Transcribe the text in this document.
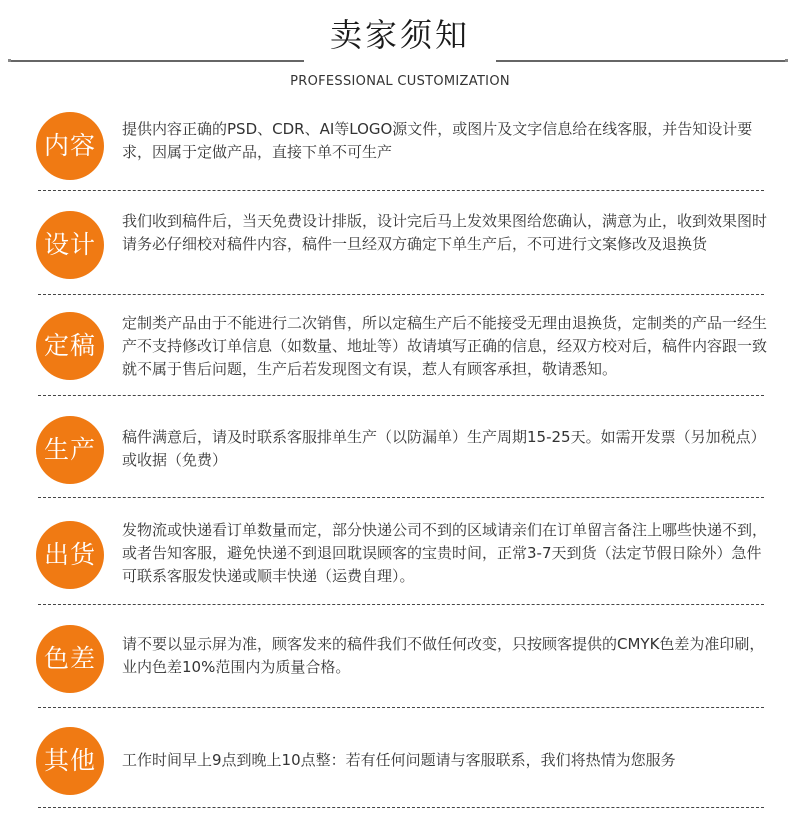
卖家须知
PROFESSIONAL CUSTOMIZATION
内容
提供内容正确的PSD、CDR、AI等LOGO源文件，或图片及文字信息给在线客服，并告知设计要求，因属于定做产品，直接下单不可生产
设计
我们收到稿件后，当天免费设计排版，设计完后马上发效果图给您确认，满意为止，收到效果图时请务必仔细校对稿件内容，稿件一旦经双方确定下单生产后，不可进行文案修改及退换货
定稿
定制类产品由于不能进行二次销售，所以定稿生产后不能接受无理由退换货，定制类的产品一经生产不支持修改订单信息（如数量、地址等）故请填写正确的信息，经双方校对后，稿件内容跟一致就不属于售后问题，生产后若发现图文有误，惹人有顾客承担，敬请悉知。
生产	稿件满意后，请及时联系客服排单生产（以防漏单）生产周期15-25天。如需开发票（另加税点）或收据（免费）
出货
发物流或快递看订单数量而定，部分快递公司不到的区域请亲们在订单留言备注上哪些快递不到，或者告知客服，避免快递不到退回耽误顾客的宝贵时间，正常3-7天到货（法定节假日除外）急件可联系客服发快递或顺丰快递（运费自理）。
色差	请不要以显示屏为准，顾客发来的稿件我们不做任何改变，只按顾客提供的CMYK色差为准印刷，业内色差10%范围内为质量合格。
其他	工作时间早上9点到晚上10点整：若有任何问题请与客服联系，我们将热情为您服务
